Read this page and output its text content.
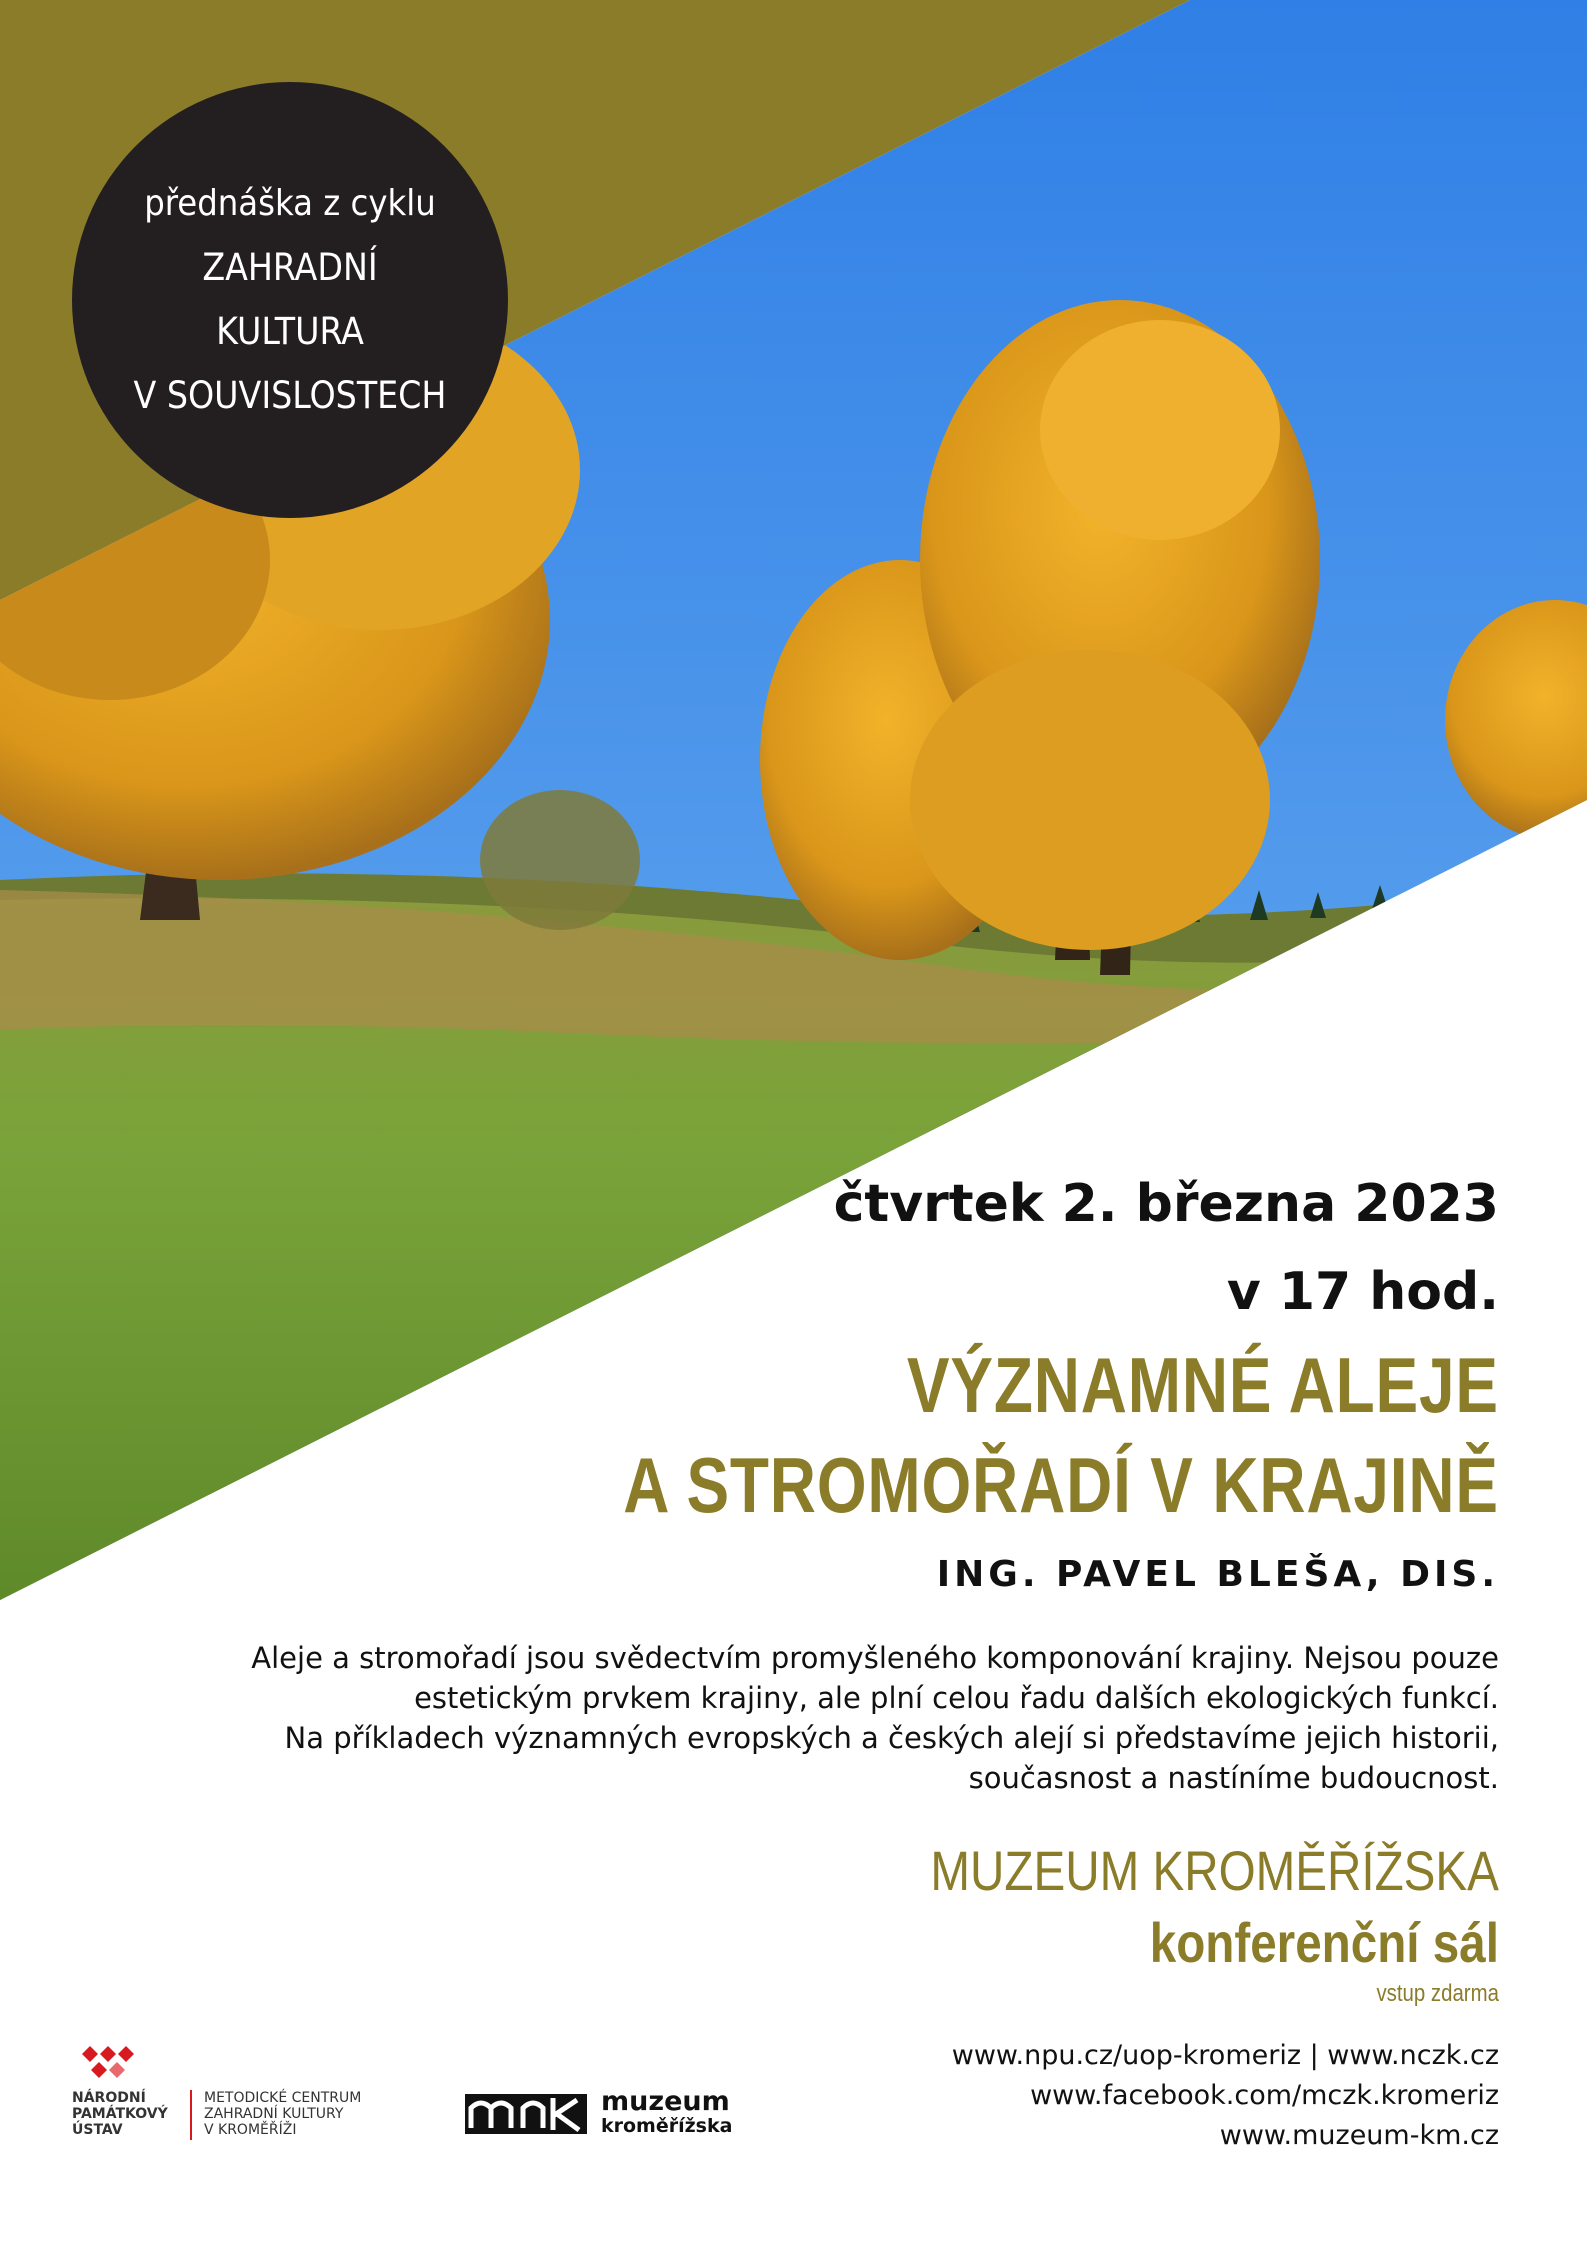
přednáška z cyklu
ZAHRADNÍ
KULTURA
V SOUVISLOSTECH
čtvrtek 2. března 2023
v 17 hod.
VÝZNAMNÉ ALEJE
A STROMOŘADÍ V KRAJINĚ
ING. PAVEL BLEŠA, DIS.
Aleje a stromořadí jsou svědectvím promyšleného komponování krajiny. Nejsou pouze
estetickým prvkem krajiny, ale plní celou řadu dalších ekologických funkcí.
Na příkladech významných evropských a českých alejí si představíme jejich historii,
současnost a nastíníme budoucnost.
MUZEUM KROMĚŘÍŽSKA
konferenční sál
vstup zdarma
www.npu.cz/uop-kromeriz | www.nczk.cz
www.facebook.com/mczk.kromeriz
www.muzeum-km.cz
NÁRODNÍ
PAMÁTKOVÝ
ÚSTAV
METODICKÉ CENTRUM
ZAHRADNÍ KULTURY
V KROMĚŘÍŽI
muzeum
kroměřížska
